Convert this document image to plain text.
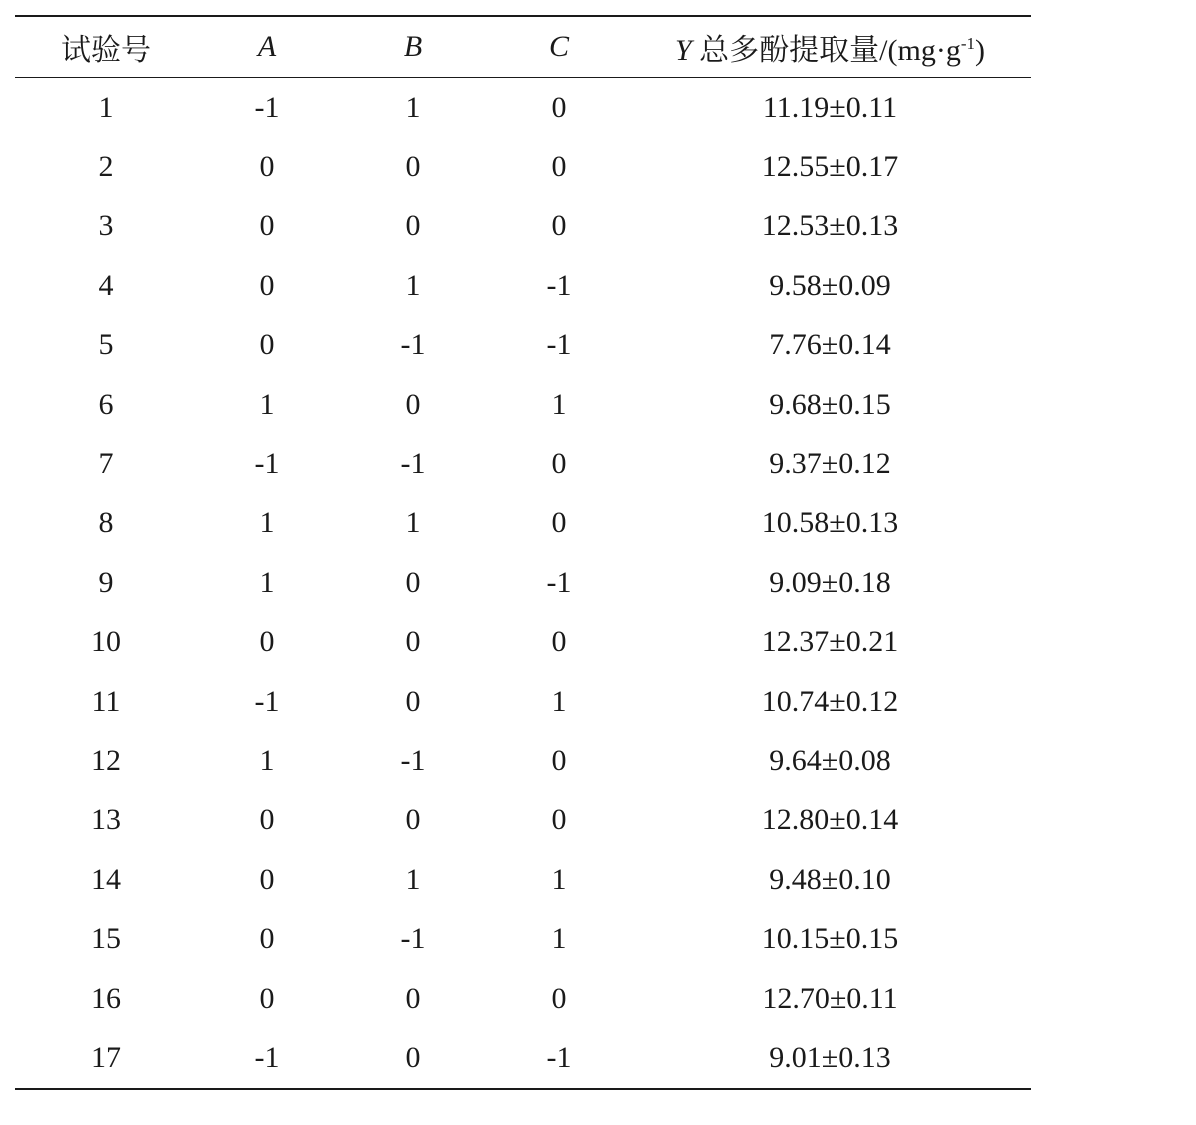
试验号	A	B	C	Y 总多酚提取量$/(mg\cdot g^{-1})$
1	-1	1	0	11.19±0.11
2	0	0	0	12.55±0.17
3	0	0	0	12.53±0.13
4	0	1	-1	9.58±0.09
5	0	-1	-1	7.76±0.14
6	1	0	1	9.68±0.15
7	-1	-1	0	9.37±0.12
8	1	1	0	10.58±0.13
9	1	0	-1	9.09±0.18
10	0	0	0	12.37±0.21
11	-1	0	1	10.74±0.12
12	1	-1	0	9.64±0.08
13	0	0	0	12.80±0.14
14	0	1	1	9.48±0.10
15	0	-1	1	10.15±0.15
16	0	0	0	12.70±0.11
17	-1	0	-1	9.01±0.13
